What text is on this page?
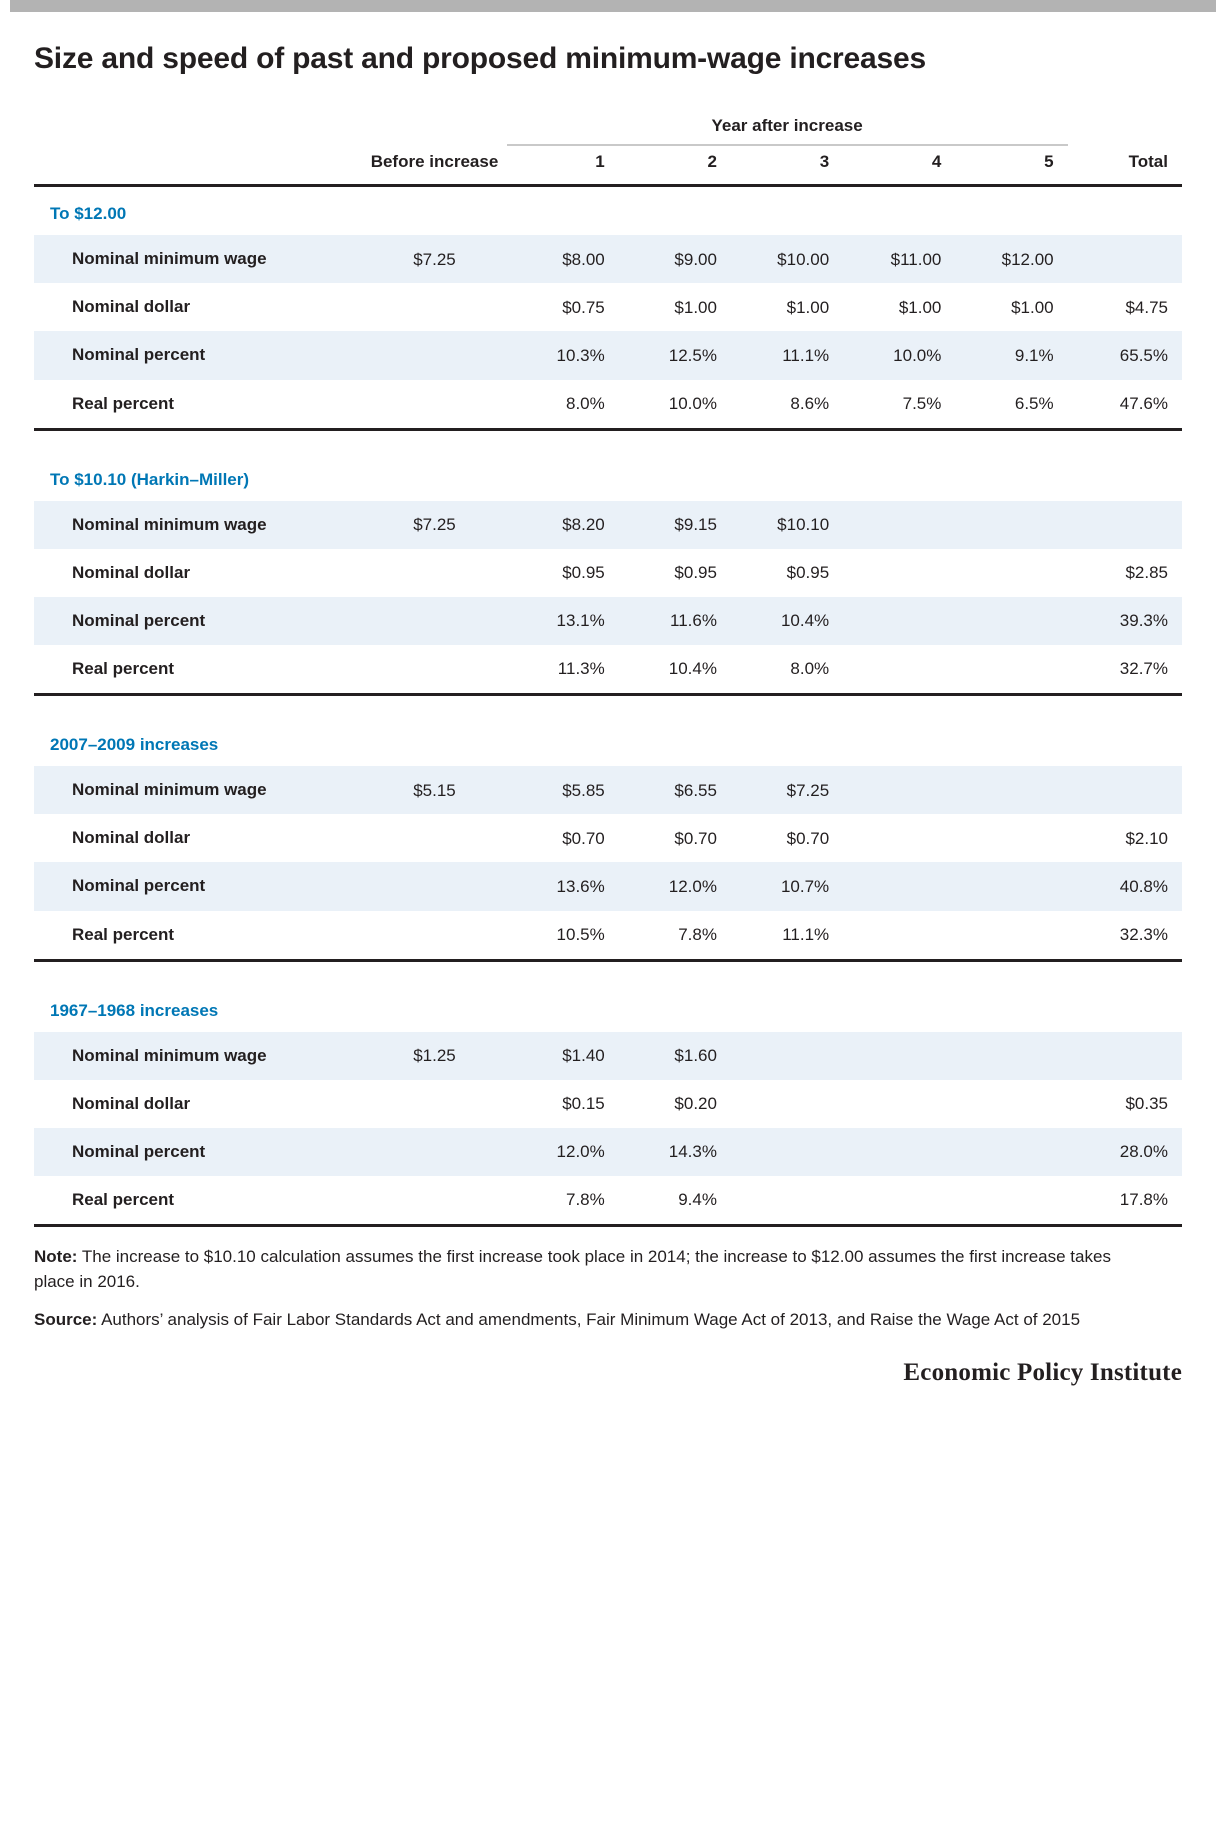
Size and speed of past and proposed minimum-wage increases

		Year after increase					

	Before increase	1	2	3	4	5	Total

To $12.00							

Nominal minimum wage	$7.25	$8.00	$9.00	$10.00	$11.00	$12.00	
Nominal dollar		$0.75	$1.00	$1.00	$1.00	$1.00	$4.75
Nominal percent		10.3%	12.5%	11.1%	10.0%	9.1%	65.5%
Real percent		8.0%	10.0%	8.6%	7.5%	6.5%	47.6%

To $10.10 (Harkin–Miller)							

Nominal minimum wage	$7.25	$8.20	$9.15	$10.10			
Nominal dollar		$0.95	$0.95	$0.95			$2.85
Nominal percent		13.1%	11.6%	10.4%			39.3%
Real percent		11.3%	10.4%	8.0%			32.7%

2007–2009 increases							

Nominal minimum wage	$5.15	$5.85	$6.55	$7.25			
Nominal dollar		$0.70	$0.70	$0.70			$2.10
Nominal percent		13.6%	12.0%	10.7%			40.8%
Real percent		10.5%	7.8%	11.1%			32.3%

1967–1968 increases							

Nominal minimum wage	$1.25	$1.40	$1.60				
Nominal dollar		$0.15	$0.20				$0.35
Nominal percent		12.0%	14.3%				28.0%
Real percent		7.8%	9.4%				17.8%

Note: The increase to $10.10 calculation assumes the first increase took place in 2014; the increase to $12.00 assumes the first increase takes place in 2016.
Source: Authors’ analysis of Fair Labor Standards Act and amendments, Fair Minimum Wage Act of 2013, and Raise the Wage Act of 2015
Economic Policy Institute
